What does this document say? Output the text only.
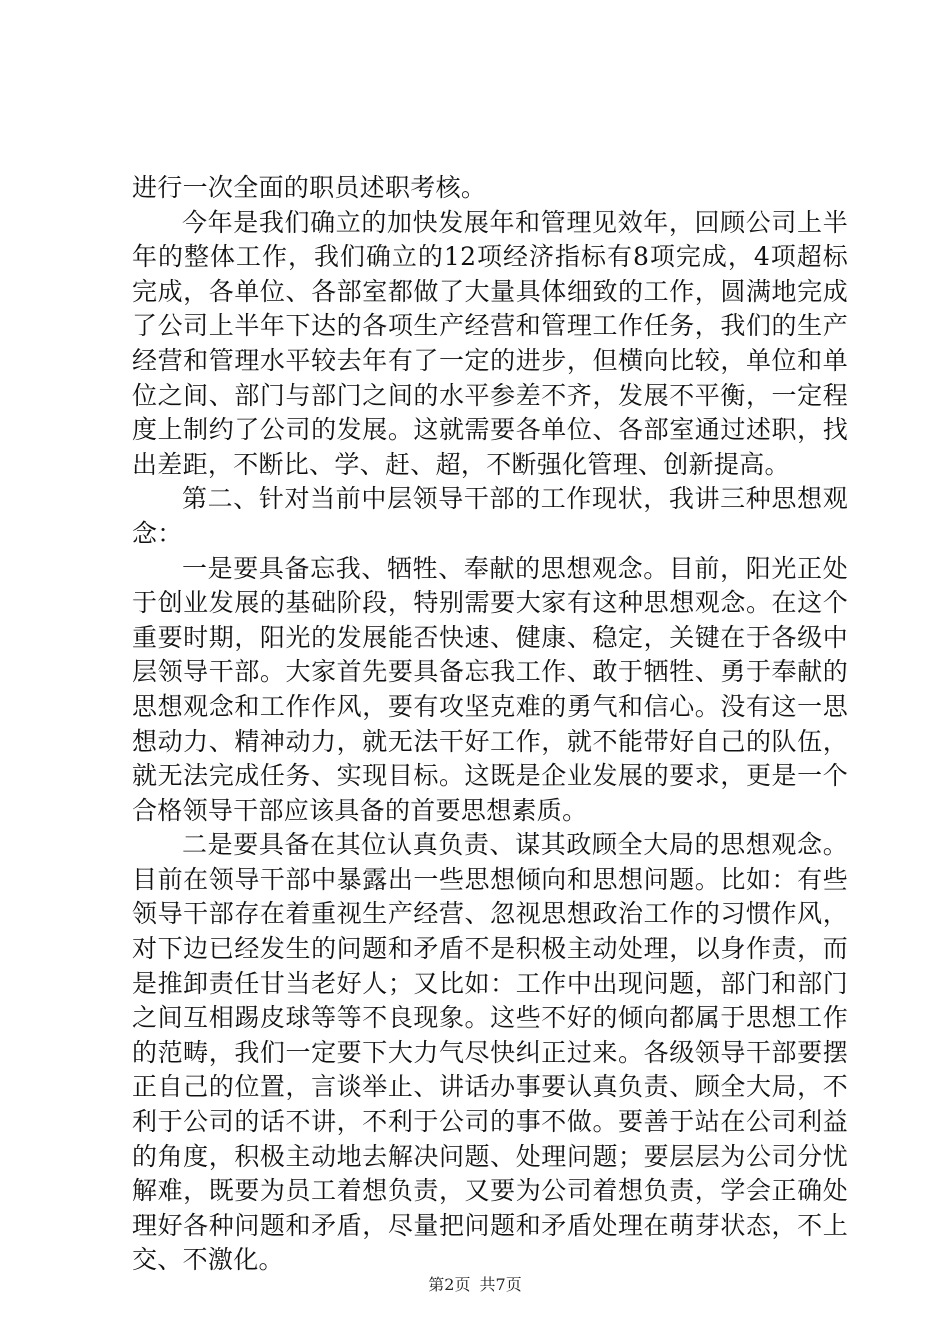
进行一次全面的职员述职考核。

今年是我们确立的加快发展年和管理见效年，回顾公司上半年的整体工作，我们确立的12项经济指标有8项完成，4项超标完成，各单位、各部室都做了大量具体细致的工作，圆满地完成了公司上半年下达的各项生产经营和管理工作任务，我们的生产经营和管理水平较去年有了一定的进步，但横向比较，单位和单位之间、部门与部门之间的水平参差不齐，发展不平衡，一定程度上制约了公司的发展。这就需要各单位、各部室通过述职，找出差距，不断比、学、赶、超，不断强化管理、创新提高。

第二、针对当前中层领导干部的工作现状，我讲三种思想观念：

一是要具备忘我、牺牲、奉献的思想观念。目前，阳光正处于创业发展的基础阶段，特别需要大家有这种思想观念。在这个重要时期，阳光的发展能否快速、健康、稳定，关键在于各级中层领导干部。大家首先要具备忘我工作、敢于牺牲、勇于奉献的思想观念和工作作风，要有攻坚克难的勇气和信心。没有这一思想动力、精神动力，就无法干好工作，就不能带好自己的队伍，就无法完成任务、实现目标。这既是企业发展的要求，更是一个合格领导干部应该具备的首要思想素质。

二是要具备在其位认真负责、谋其政顾全大局的思想观念。目前在领导干部中暴露出一些思想倾向和思想问题。比如：有些领导干部存在着重视生产经营、忽视思想政治工作的习惯作风，对下边已经发生的问题和矛盾不是积极主动处理，以身作责，而是推卸责任甘当老好人；又比如：工作中出现问题，部门和部门之间互相踢皮球等等不良现象。这些不好的倾向都属于思想工作的范畴，我们一定要下大力气尽快纠正过来。各级领导干部要摆正自己的位置，言谈举止、讲话办事要认真负责、顾全大局，不利于公司的话不讲，不利于公司的事不做。要善于站在公司利益的角度，积极主动地去解决问题、处理问题；要层层为公司分忧解难，既要为员工着想负责，又要为公司着想负责，学会正确处理好各种问题和矛盾，尽量把问题和矛盾处理在萌芽状态，不上交、不激化。

第2页 共7页
